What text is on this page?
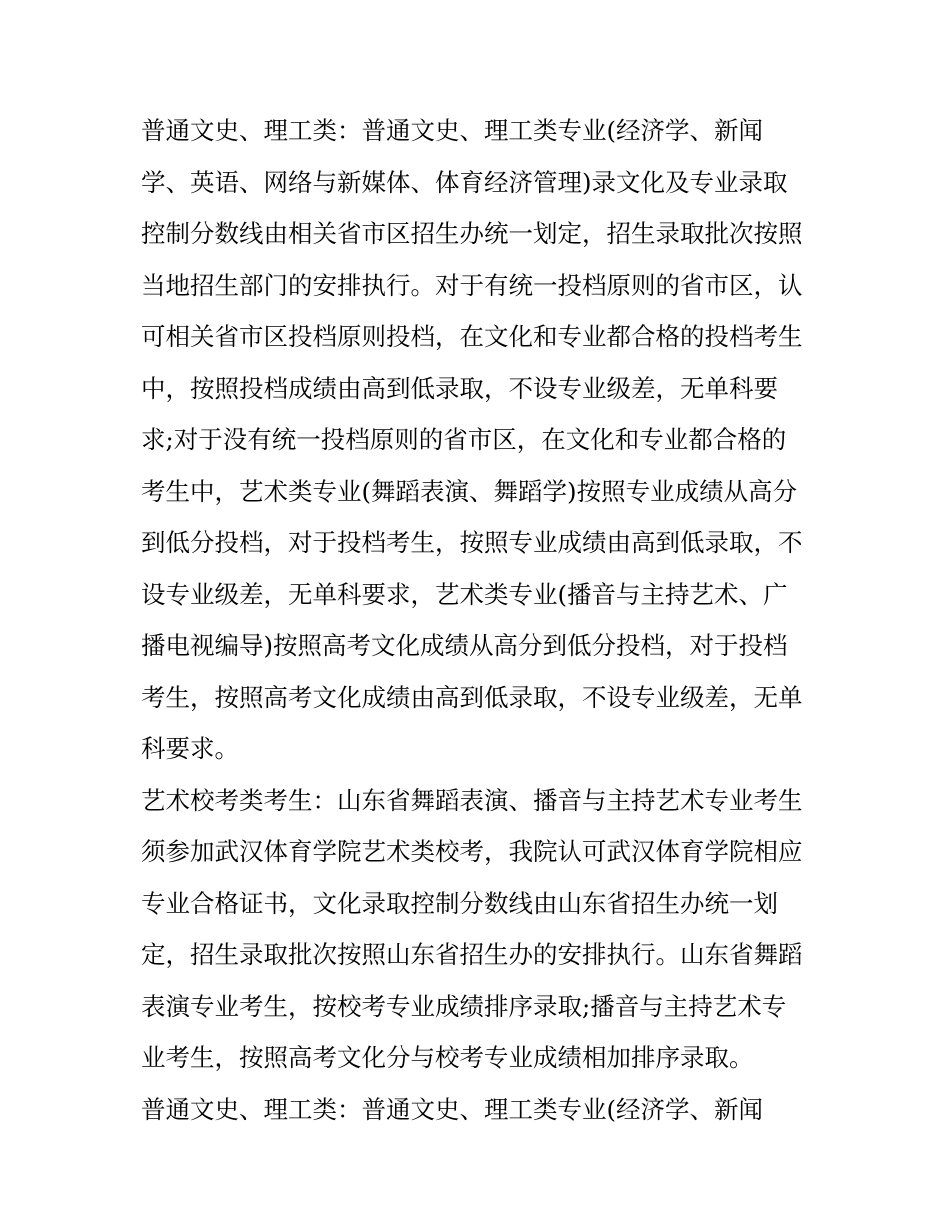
普通文史、理工类：普通文史、理工类专业(经济学、新闻
学、英语、网络与新媒体、体育经济管理)录文化及专业录取
控制分数线由相关省市区招生办统一划定，招生录取批次按照
当地招生部门的安排执行。对于有统一投档原则的省市区，认
可相关省市区投档原则投档，在文化和专业都合格的投档考生
中，按照投档成绩由高到低录取，不设专业级差，无单科要
求;对于没有统一投档原则的省市区，在文化和专业都合格的
考生中，艺术类专业(舞蹈表演、舞蹈学)按照专业成绩从高分
到低分投档，对于投档考生，按照专业成绩由高到低录取，不
设专业级差，无单科要求，艺术类专业(播音与主持艺术、广
播电视编导)按照高考文化成绩从高分到低分投档，对于投档
考生，按照高考文化成绩由高到低录取，不设专业级差，无单
科要求。
艺术校考类考生：山东省舞蹈表演、播音与主持艺术专业考生
须参加武汉体育学院艺术类校考，我院认可武汉体育学院相应
专业合格证书，文化录取控制分数线由山东省招生办统一划
定，招生录取批次按照山东省招生办的安排执行。山东省舞蹈
表演专业考生，按校考专业成绩排序录取;播音与主持艺术专
业考生，按照高考文化分与校考专业成绩相加排序录取。
普通文史、理工类：普通文史、理工类专业(经济学、新闻
